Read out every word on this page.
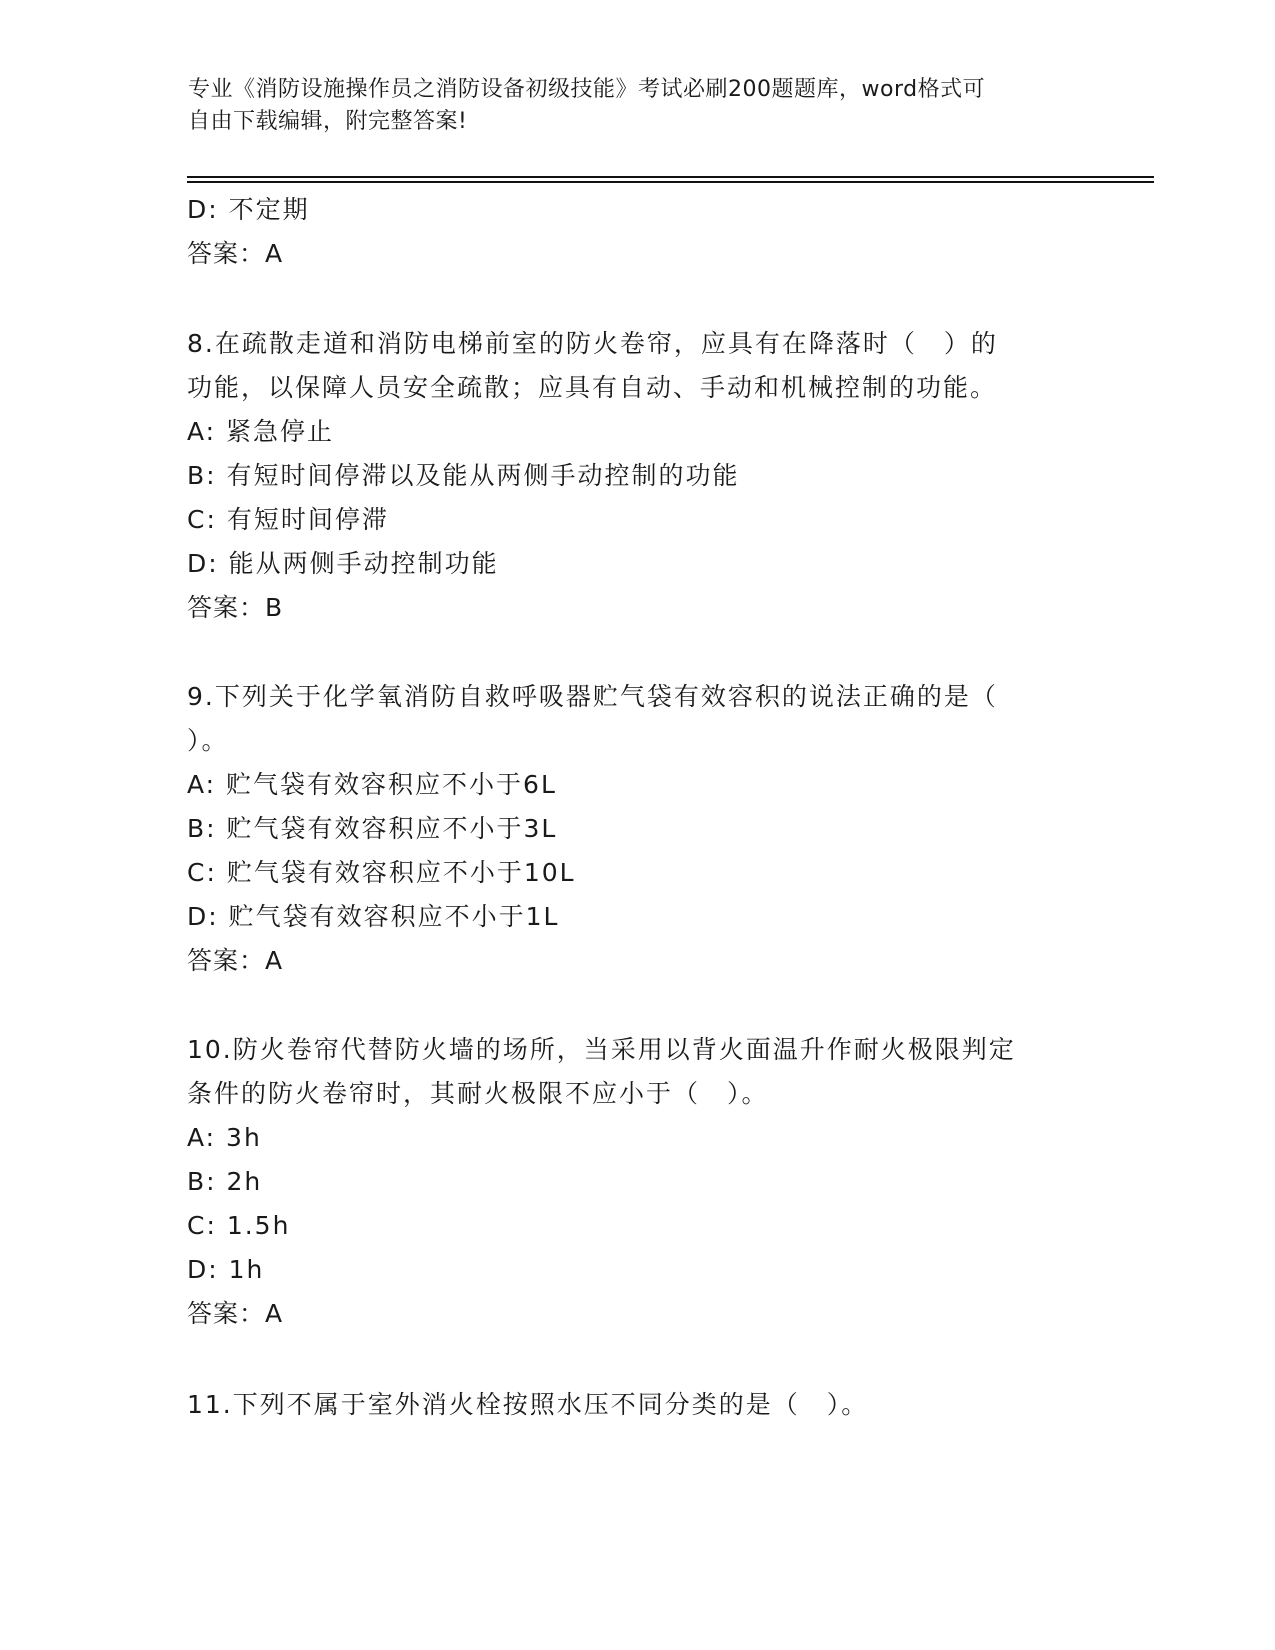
专业《消防设施操作员之消防设备初级技能》考试必刷200题题库，word格式可
自由下载编辑，附完整答案!
D: 不定期
答案：A
8.在疏散走道和消防电梯前室的防火卷帘，应具有在降落时（　）的
功能，以保障人员安全疏散；应具有自动、手动和机械控制的功能。
A: 紧急停止
B: 有短时间停滞以及能从两侧手动控制的功能
C: 有短时间停滞
D: 能从两侧手动控制功能
答案：B
9.下列关于化学氧消防自救呼吸器贮气袋有效容积的说法正确的是（
）。
A: 贮气袋有效容积应不小于6L
B: 贮气袋有效容积应不小于3L
C: 贮气袋有效容积应不小于10L
D: 贮气袋有效容积应不小于1L
答案：A
10.防火卷帘代替防火墙的场所，当采用以背火面温升作耐火极限判定
条件的防火卷帘时，其耐火极限不应小于（　）。
A: 3h
B: 2h
C: 1.5h
D: 1h
答案：A
11.下列不属于室外消火栓按照水压不同分类的是（　）。
